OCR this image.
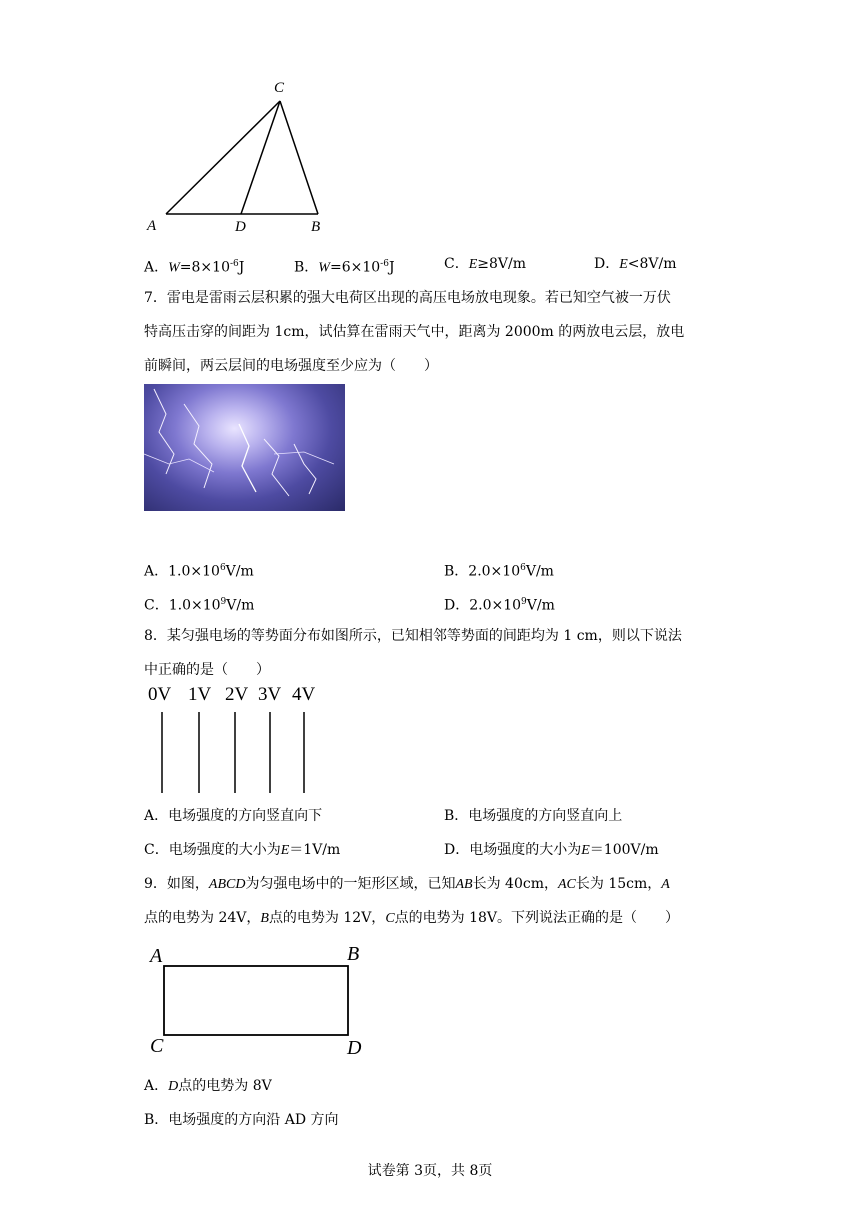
C
A	D	B
A．$W=8\times 10^{-6}J$	B．$W=6\times 10^{-6}J$	C．E≥8V/m	D．E<8V/m
7．雷电是雷雨云层积累的强大电荷区出现的高压电场放电现象。若已知空气被一万伏
特高压击穿的间距为 1cm，试估算在雷雨天气中，距离为 2000m 的两放电云层，放电
前瞬间，两云层间的电场强度至少应为（　　）
A．$1.0\times 10^6V/m$	B．$2.0\times 10^6V/m$
C．$1.0\times 10^9V/m$	D．$2.0\times 10^9V/m$
8．某匀强电场的等势面分布如图所示，已知相邻等势面的间距均为 1 cm，则以下说法
中正确的是（　　）
0V 1V 2V 3V 4V
A．电场强度的方向竖直向下	B．电场强度的方向竖直向上
C．电场强度的大小为E＝1V/m	D．电场强度的大小为E＝100V/m
9．如图，ABCD为匀强电场中的一矩形区域，已知AB长为 40cm，AC长为 15cm，A
点的电势为 24V，B点的电势为 12V，C点的电势为 18V。下列说法正确的是（　　）
A	B
C	D
A．D点的电势为 8V
B．电场强度的方向沿 AD 方向
试卷第 3页，共 8页
